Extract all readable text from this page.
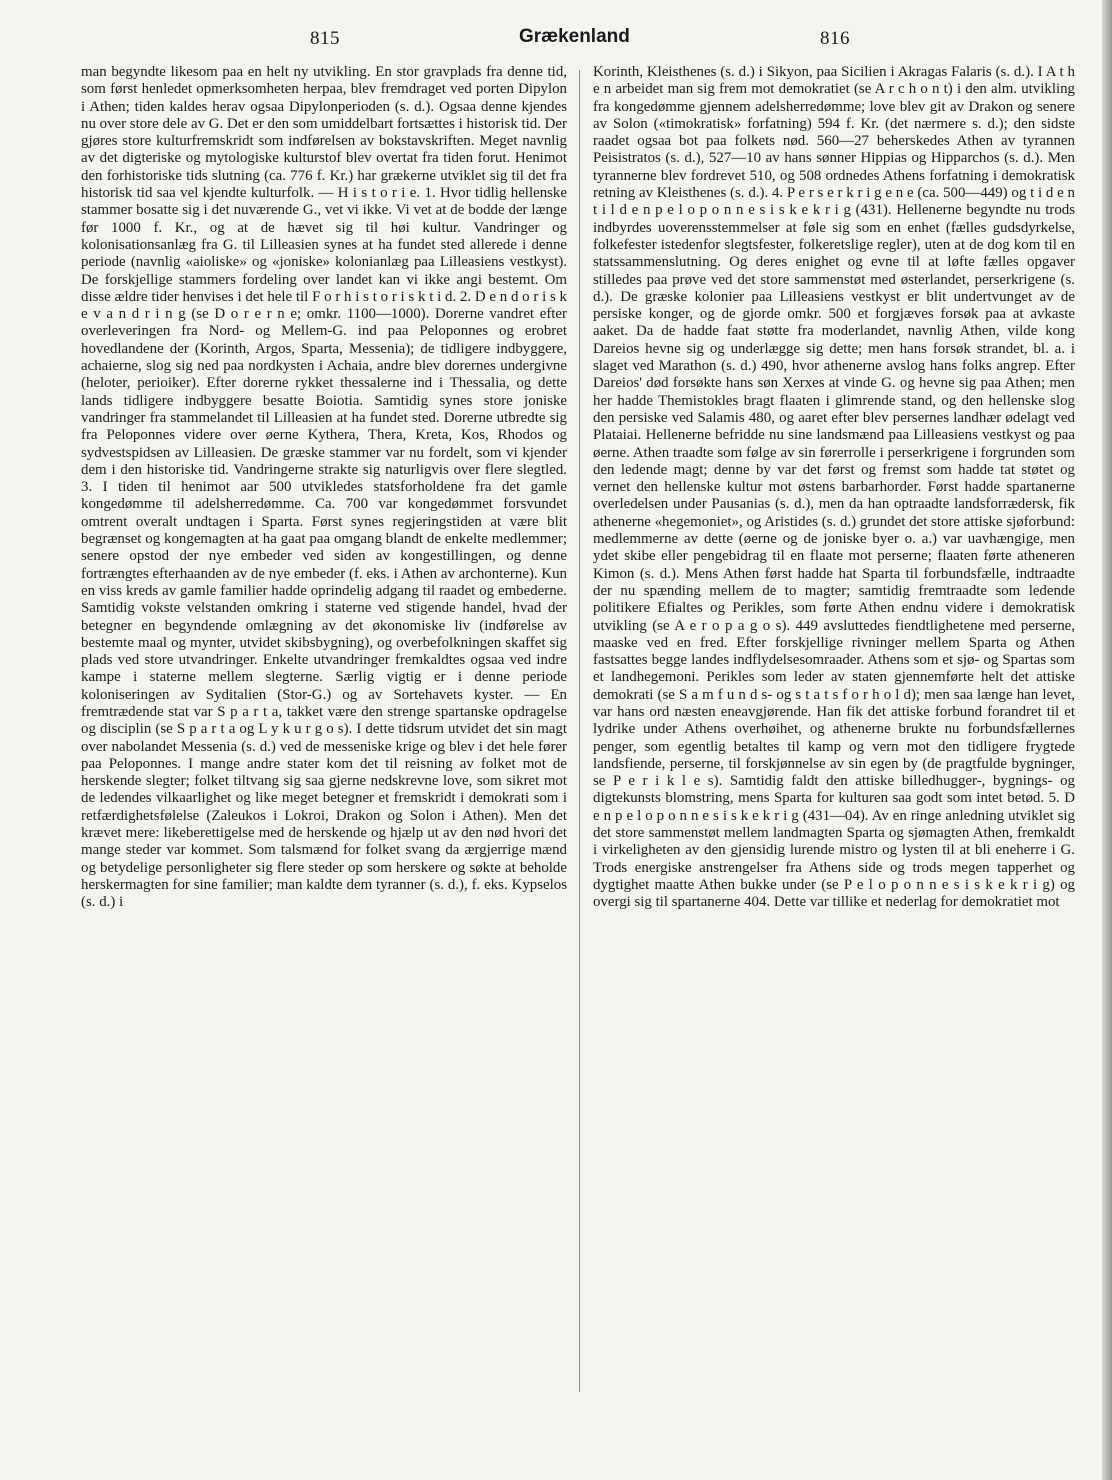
815	Grækenland	816

man begyndte likesom paa en helt ny utvikling. En stor gravplads fra denne tid, som først henledet opmerksomheten herpaa, blev fremdraget ved porten Dipylon i Athen; tiden kaldes herav ogsaa Dipylonperioden (s. d.). Ogsaa denne kjendes nu over store dele av G. Det er den som umiddelbart fortsættes i historisk tid. Der gjøres store kulturfremskridt som indførelsen av bokstavskriften. Meget navnlig av det digteriske og mytologiske kulturstof blev overtat fra tiden forut. Henimot den forhistoriske tids slutning (ca. 776 f. Kr.) har grækerne utviklet sig til det fra historisk tid saa vel kjendte kulturfolk. — H i s t o r i e. 1. Hvor tidlig hellenske stammer bosatte sig i det nuværende G., vet vi ikke. Vi vet at de bodde der længe før 1000 f. Kr., og at de hævet sig til høi kultur. Vandringer og kolonisationsanlæg fra G. til Lilleasien synes at ha fundet sted allerede i denne periode (navnlig «aioliske» og «joniske» kolonianlæg paa Lilleasiens vestkyst). De forskjellige stammers fordeling over landet kan vi ikke angi bestemt. Om disse ældre tider henvises i det hele til F o r h i s t o r i s k t i d. 2. D e n d o r i s k e v a n d r i n g (se D o r e r n e; omkr. 1100—1000). Dorerne vandret efter overleveringen fra Nord- og Mellem-G. ind paa Peloponnes og erobret hovedlandene der (Korinth, Argos, Sparta, Messenia); de tidligere indbyggere, achaierne, slog sig ned paa nordkysten i Achaia, andre blev dorernes undergivne (heloter, perioiker). Efter dorerne rykket thessalerne ind i Thessalia, og dette lands tidligere indbyggere besatte Boiotia. Samtidig synes store joniske vandringer fra stammelandet til Lilleasien at ha fundet sted. Dorerne utbredte sig fra Peloponnes videre over øerne Kythera, Thera, Kreta, Kos, Rhodos og sydvestspidsen av Lilleasien. De græske stammer var nu fordelt, som vi kjender dem i den historiske tid. Vandringerne strakte sig naturligvis over flere slegtled. 3. I tiden til henimot aar 500 utvikledes statsforholdene fra det gamle kongedømme til adelsherredømme. Ca. 700 var kongedømmet forsvundet omtrent overalt undtagen i Sparta. Først synes regjeringstiden at være blit begrænset og kongemagten at ha gaat paa omgang blandt de enkelte medlemmer; senere opstod der nye embeder ved siden av kongestillingen, og denne fortrængtes efterhaanden av de nye embeder (f. eks. i Athen av archonterne). Kun en viss kreds av gamle familier hadde oprindelig adgang til raadet og embederne. Samtidig vokste velstanden omkring i staterne ved stigende handel, hvad der betegner en begyndende omlægning av det økonomiske liv (indførelse av bestemte maal og mynter, utvidet skibsbygning), og overbefolkningen skaffet sig plads ved store utvandringer. Enkelte utvandringer fremkaldtes ogsaa ved indre kampe i staterne mellem slegterne. Særlig vigtig er i denne periode koloniseringen av Syditalien (Stor-G.) og av Sortehavets kyster. — En fremtrædende stat var S p a r t a, takket være den strenge spartanske opdragelse og disciplin (se S p a r t a og L y k u r g o s). I dette tidsrum utvidet det sin magt over nabolandet Messenia (s. d.) ved de messeniske krige og blev i det hele fører paa Peloponnes. I mange andre stater kom det til reisning av folket mot de herskende slegter; folket tiltvang sig saa gjerne nedskrevne love, som sikret mot de ledendes vilkaarlighet og like meget betegner et fremskridt i demokrati som i retfærdighetsfølelse (Zaleukos i Lokroi, Drakon og Solon i Athen). Men det krævet mere: likeberettigelse med de herskende og hjælp ut av den nød hvori det mange steder var kommet. Som talsmænd for folket svang da ærgjerrige mænd og betydelige personligheter sig flere steder op som herskere og søkte at beholde herskermagten for sine familier; man kaldte dem tyranner (s. d.), f. eks. Kypselos (s. d.) i

Korinth, Kleisthenes (s. d.) i Sikyon, paa Sicilien i Akragas Falaris (s. d.). I A t h e n arbeidet man sig frem mot demokratiet (se A r c h o n t) i den alm. utvikling fra kongedømme gjennem adelsherredømme; love blev git av Drakon og senere av Solon («timokratisk» forfatning) 594 f. Kr. (det nærmere s. d.); den sidste raadet ogsaa bot paa folkets nød. 560—27 beherskedes Athen av tyrannen Peisistratos (s. d.), 527—10 av hans sønner Hippias og Hipparchos (s. d.). Men tyrannerne blev fordrevet 510, og 508 ordnedes Athens forfatning i demokratisk retning av Kleisthenes (s. d.). 4. P e r s e r k r i g e n e (ca. 500—449) og t i d e n t i l d e n p e l o p o n n e s i s k e k r i g (431). Hellenerne begyndte nu trods indbyrdes uoverensstemmelser at føle sig som en enhet (fælles gudsdyrkelse, folkefester istedenfor slegtsfester, folkeretslige regler), uten at de dog kom til en statssammenslutning. Og deres enighet og evne til at løfte fælles opgaver stilledes paa prøve ved det store sammenstøt med østerlandet, perserkrigene (s. d.). De græske kolonier paa Lilleasiens vestkyst er blit undertvunget av de persiske konger, og de gjorde omkr. 500 et forgjæves forsøk paa at avkaste aaket. Da de hadde faat støtte fra moderlandet, navnlig Athen, vilde kong Dareios hevne sig og underlægge sig dette; men hans forsøk strandet, bl. a. i slaget ved Marathon (s. d.) 490, hvor athenerne avslog hans folks angrep. Efter Dareios' død forsøkte hans søn Xerxes at vinde G. og hevne sig paa Athen; men her hadde Themistokles bragt flaaten i glimrende stand, og den hellenske slog den persiske ved Salamis 480, og aaret efter blev persernes landhær ødelagt ved Plataiai. Hellenerne befridde nu sine landsmænd paa Lilleasiens vestkyst og paa øerne. Athen traadte som følge av sin førerrolle i perserkrigene i forgrunden som den ledende magt; denne by var det først og fremst som hadde tat støtet og vernet den hellenske kultur mot østens barbarhorder. Først hadde spartanerne overledelsen under Pausanias (s. d.), men da han optraadte landsforrædersk, fik athenerne «hegemoniet», og Aristides (s. d.) grundet det store attiske sjøforbund: medlemmerne av dette (øerne og de joniske byer o. a.) var uavhængige, men ydet skibe eller pengebidrag til en flaate mot perserne; flaaten førte atheneren Kimon (s. d.). Mens Athen først hadde hat Sparta til forbundsfælle, indtraadte der nu spænding mellem de to magter; samtidig fremtraadte som ledende politikere Efialtes og Perikles, som førte Athen endnu videre i demokratisk utvikling (se A e r o p a g o s). 449 avsluttedes fiendtlighetene med perserne, maaske ved en fred. Efter forskjellige rivninger mellem Sparta og Athen fastsattes begge landes indflydelsesomraader. Athens som et sjø- og Spartas som et landhegemoni. Perikles som leder av staten gjennemførte helt det attiske demokrati (se S a m f u n d s- og s t a t s f o r h o l d); men saa længe han levet, var hans ord næsten eneavgjørende. Han fik det attiske forbund forandret til et lydrike under Athens overhøihet, og athenerne brukte nu forbundsfællernes penger, som egentlig betaltes til kamp og vern mot den tidligere frygtede landsfiende, perserne, til forskjønnelse av sin egen by (de pragtfulde bygninger, se P e r i k l e s). Samtidig faldt den attiske billedhugger-, bygnings- og digtekunsts blomstring, mens Sparta for kulturen saa godt som intet betød. 5. D e n p e l o p o n n e s i s k e k r i g (431—04). Av en ringe anledning utviklet sig det store sammenstøt mellem landmagten Sparta og sjømagten Athen, fremkaldt i virkeligheten av den gjensidig lurende mistro og lysten til at bli eneherre i G. Trods energiske anstrengelser fra Athens side og trods megen tapperhet og dygtighet maatte Athen bukke under (se P e l o p o n n e s i s k e k r i g) og overgi sig til spartanerne 404. Dette var tillike et nederlag for demokratiet mot
